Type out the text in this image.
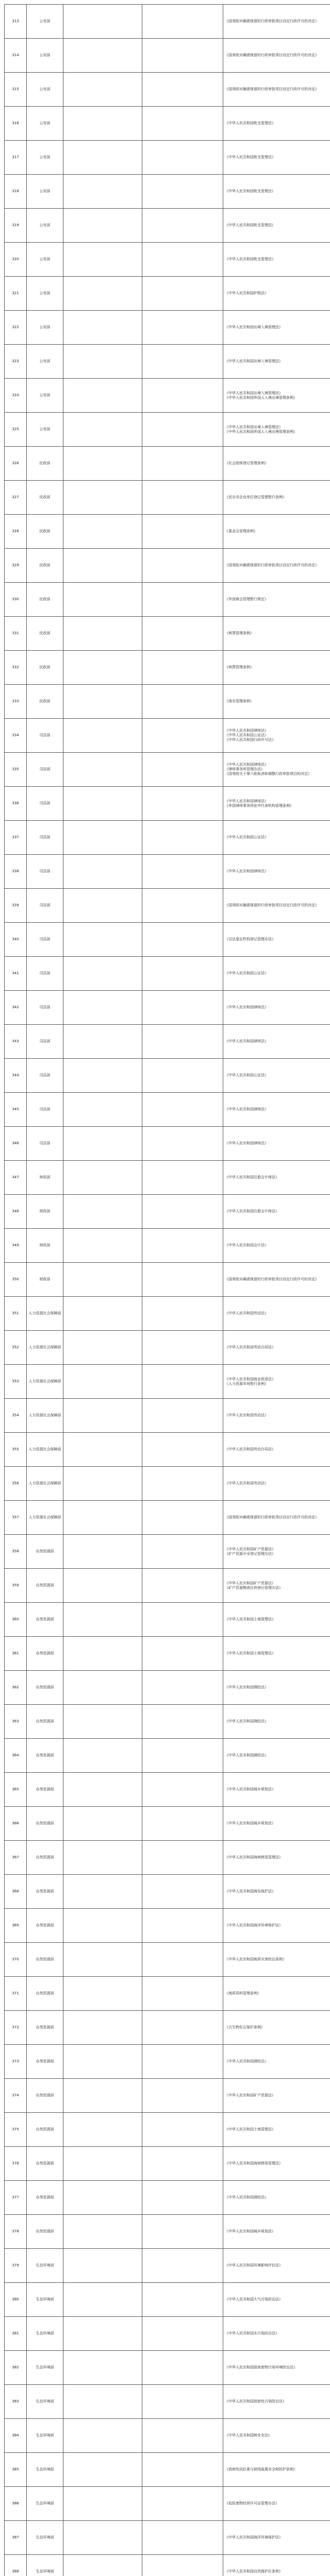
313	公安部			《国务院对确需保留的行政审批项目设定行政许可的决定》

314	公安部			《国务院对确需保留的行政审批项目设定行政许可的决定》

315	公安部			《国务院对确需保留的行政审批项目设定行政许可的决定》

316	公安部			《中华人民共和国枪支管理法》

317	公安部			《中华人民共和国枪支管理法》

318	公安部			《中华人民共和国枪支管理法》

319	公安部			《中华人民共和国枪支管理法》

320	公安部			《中华人民共和国枪支管理法》

321	公安部			《中华人民共和国护照法》

322	公安部			《中华人民共和国出境入境管理法》

323	公安部			《中华人民共和国出境入境管理法》

324	公安部			《中华人民共和国出境入境管理法》
《中华人民共和国外国人入境出境管理条例》

325	公安部			《中华人民共和国出境入境管理法》
《中华人民共和国外国人入境出境管理条例》

326	民政部			《社会团体登记管理条例》

327	民政部			《民办非企业单位登记管理暂行条例》

328	民政部			《基金会管理条例》

329	民政部			《国务院对确需保留的行政审批项目设定行政许可的决定》

330	民政部			《外国商会管理暂行规定》

331	民政部			《殡葬管理条例》

332	民政部			《殡葬管理条例》

333	民政部			《地名管理条例》

334	司法部			《中华人民共和国律师法》
《中华人民共和国公证法》
《中华人民共和国行政许可法》

335	司法部			《中华人民共和国律师法》
《律师事务所管理办法》
《国务院关于第六批取消和调整行政审批项目的决定》

336	司法部			《中华人民共和国律师法》
《外国律师事务所驻华代表机构管理条例》

337	司法部			《中华人民共和国公证法》

338	司法部			《中华人民共和国律师法》

339	司法部			《国务院对确需保留的行政审批项目设定行政许可的决定》

340	司法部			《司法鉴定机构登记管理办法》

341	司法部			《中华人民共和国公证法》

342	司法部			《中华人民共和国律师法》

343	司法部			《中华人民共和国律师法》

344	司法部			《中华人民共和国公证法》

345	司法部			《中华人民共和国律师法》

346	司法部			《中华人民共和国律师法》

347	财政部			《中华人民共和国注册会计师法》

348	财政部			《中华人民共和国注册会计师法》

349	财政部			《中华人民共和国会计法》

350	财政部			《国务院对确需保留的行政审批项目设定行政许可的决定》

351	人力资源社会保障部			《中华人民共和国劳动法》

352	人力资源社会保障部			《中华人民共和国劳动合同法》

353	人力资源社会保障部			《中华人民共和国就业促进法》
《人力资源市场暂行条例》

354	人力资源社会保障部			《中华人民共和国劳动法》

355	人力资源社会保障部			《中华人民共和国劳动合同法》

356	人力资源社会保障部			《中华人民共和国劳动法》

357	人力资源社会保障部			《国务院对确需保留的行政审批项目设定行政许可的决定》

358	自然资源部			《中华人民共和国矿产资源法》
《矿产资源开采登记管理办法》

359	自然资源部			《中华人民共和国矿产资源法》
《矿产资源勘查区块登记管理办法》

360	自然资源部			《中华人民共和国土地管理法》

361	自然资源部			《中华人民共和国土地管理法》

362	自然资源部			《中华人民共和国测绘法》

363	自然资源部			《中华人民共和国测绘法》

364	自然资源部			《中华人民共和国测绘法》

365	自然资源部			《中华人民共和国城乡规划法》

366	自然资源部			《中华人民共和国城乡规划法》

367	自然资源部			《中华人民共和国海域使用管理法》

368	自然资源部			《中华人民共和国海岛保护法》

369	自然资源部			《中华人民共和国海洋环境保护法》

370	自然资源部			《中华人民共和国地质灾害防治条例》

371	自然资源部			《地质资料管理条例》

372	自然资源部			《古生物化石保护条例》

373	自然资源部			《中华人民共和国测绘法》

374	自然资源部			《中华人民共和国矿产资源法》

375	自然资源部			《中华人民共和国土地管理法》

376	自然资源部			《中华人民共和国海域使用管理法》

377	自然资源部			《中华人民共和国测绘法》

378	自然资源部			《中华人民共和国城乡规划法》

379	生态环境部			《中华人民共和国环境影响评价法》

380	生态环境部			《中华人民共和国大气污染防治法》

381	生态环境部			《中华人民共和国水污染防治法》

382	生态环境部			《中华人民共和国固体废物污染环境防治法》

383	生态环境部			《中华人民共和国放射性污染防治法》

384	生态环境部			《中华人民共和国核安全法》

385	生态环境部			《放射性同位素与射线装置安全和防护条例》

386	生态环境部			《危险废物经营许可证管理办法》

387	生态环境部			《中华人民共和国海洋环境保护法》

388	生态环境部			《中华人民共和国自然保护区条例》
